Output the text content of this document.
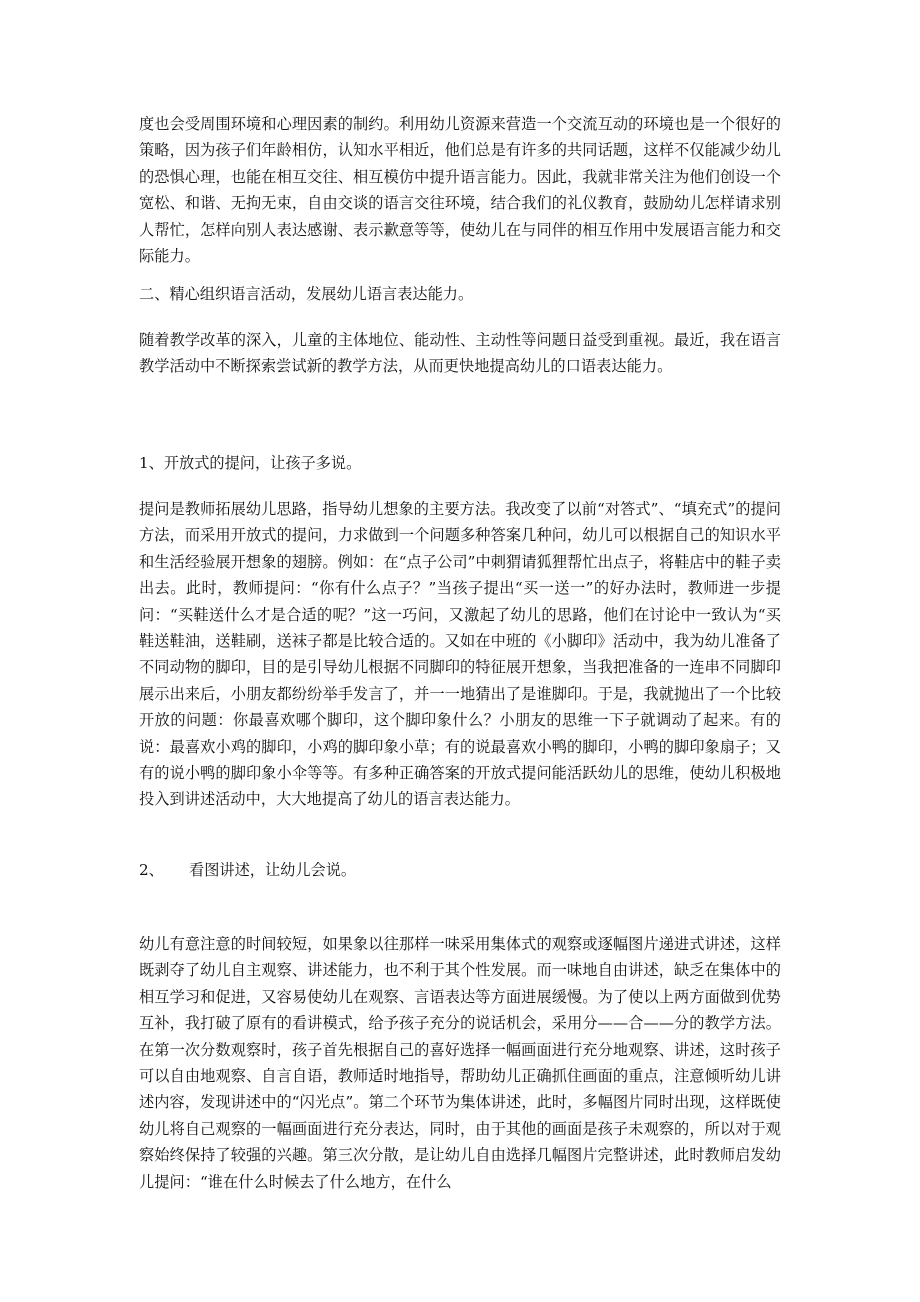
度也会受周围环境和心理因素的制约。利用幼儿资源来营造一个交流互动的环境也是一个很好的策略，因为孩子们年龄相仿，认知水平相近，他们总是有许多的共同话题，这样不仅能减少幼儿的恐惧心理，也能在相互交往、相互模仿中提升语言能力。因此，我就非常关注为他们创设一个宽松、和谐、无拘无束，自由交谈的语言交往环境，结合我们的礼仪教育，鼓励幼儿怎样请求别人帮忙，怎样向别人表达感谢、表示歉意等等，使幼儿在与同伴的相互作用中发展语言能力和交际能力。

二、精心组织语言活动，发展幼儿语言表达能力。

随着教学改革的深入，儿童的主体地位、能动性、主动性等问题日益受到重视。最近，我在语言教学活动中不断探索尝试新的教学方法，从而更快地提高幼儿的口语表达能力。

1、开放式的提问，让孩子多说。

提问是教师拓展幼儿思路，指导幼儿想象的主要方法。我改变了以前“对答式”、“填充式”的提问方法，而采用开放式的提问，力求做到一个问题多种答案几种问，幼儿可以根据自己的知识水平和生活经验展开想象的翅膀。例如：在“点子公司”中刺猬请狐狸帮忙出点子，将鞋店中的鞋子卖出去。此时，教师提问：“你有什么点子？”当孩子提出“买一送一”的好办法时，教师进一步提问：“买鞋送什么才是合适的呢？”这一巧问，又激起了幼儿的思路，他们在讨论中一致认为“买鞋送鞋油，送鞋刷，送袜子都是比较合适的。又如在中班的《小脚印》活动中，我为幼儿准备了不同动物的脚印，目的是引导幼儿根据不同脚印的特征展开想象，当我把准备的一连串不同脚印展示出来后，小朋友都纷纷举手发言了，并一一地猜出了是谁脚印。于是，我就抛出了一个比较开放的问题：你最喜欢哪个脚印，这个脚印象什么？小朋友的思维一下子就调动了起来。有的说：最喜欢小鸡的脚印，小鸡的脚印象小草；有的说最喜欢小鸭的脚印，小鸭的脚印象扇子；又有的说小鸭的脚印象小伞等等。有多种正确答案的开放式提问能活跃幼儿的思维，使幼儿积极地投入到讲述活动中，大大地提高了幼儿的语言表达能力。

2、 看图讲述，让幼儿会说。

幼儿有意注意的时间较短，如果象以往那样一味采用集体式的观察或逐幅图片递进式讲述，这样既剥夺了幼儿自主观察、讲述能力，也不利于其个性发展。而一味地自由讲述，缺乏在集体中的相互学习和促进，又容易使幼儿在观察、言语表达等方面进展缓慢。为了使以上两方面做到优势互补，我打破了原有的看讲模式，给予孩子充分的说话机会，采用分——合——分的教学方法。在第一次分数观察时，孩子首先根据自己的喜好选择一幅画面进行充分地观察、讲述，这时孩子可以自由地观察、自言自语，教师适时地指导，帮助幼儿正确抓住画面的重点，注意倾听幼儿讲述内容，发现讲述中的“闪光点”。第二个环节为集体讲述，此时，多幅图片同时出现，这样既使幼儿将自己观察的一幅画面进行充分表达，同时，由于其他的画面是孩子未观察的，所以对于观察始终保持了较强的兴趣。第三次分散，是让幼儿自由选择几幅图片完整讲述，此时教师启发幼儿提问：“谁在什么时候去了什么地方，在什么
